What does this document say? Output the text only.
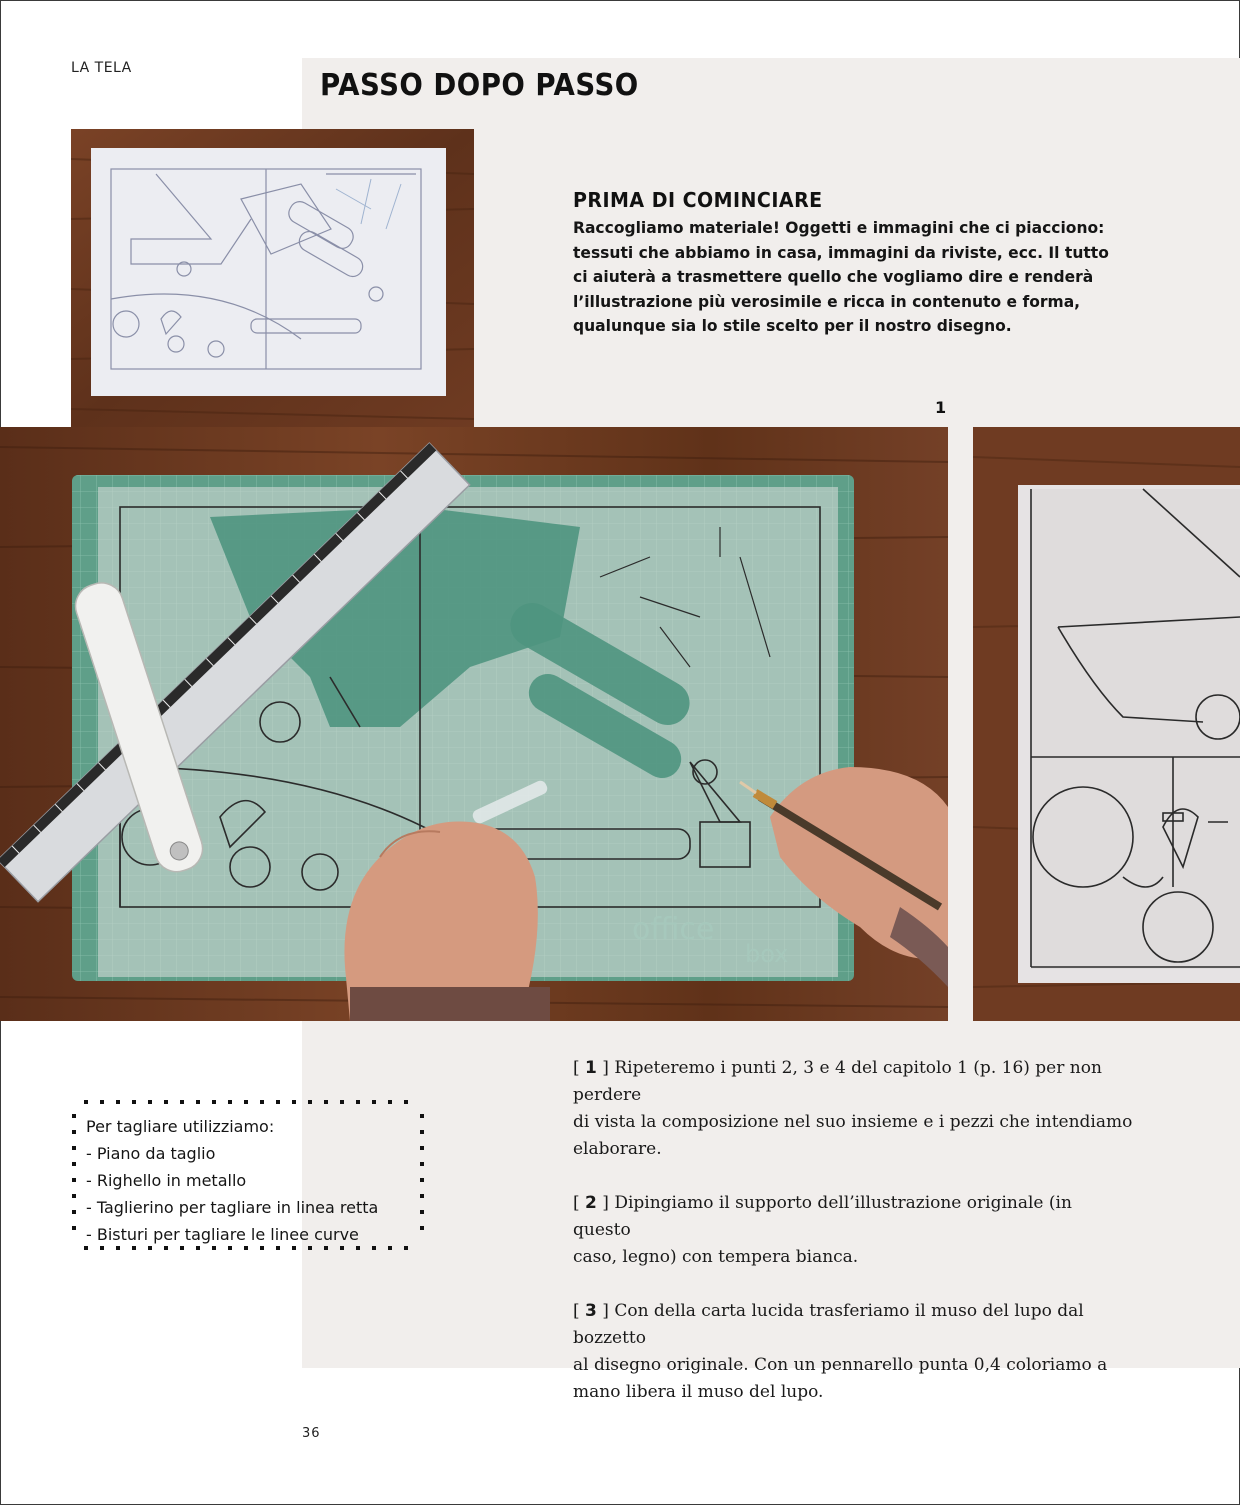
LA TELA	PASSO DOPO PASSO
PRIMA DI COMINCIARE
Raccogliamo materiale! Oggetti e immagini che ci piacciono:
tessuti che abbiamo in casa, immagini da riviste, ecc. Il tutto
ci aiuterà a trasmettere quello che vogliamo dire e renderà
l’illustrazione più verosimile e ricca in contenuto e forma,
qualunque sia lo stile scelto per il nostro disegno.
1
office
box
Per tagliare utilizziamo:
- Piano da taglio
- Righello in metallo
- Taglierino per tagliare in linea retta
- Bisturi per tagliare le linee curve
[ 1 ] Ripeteremo i punti 2, 3 e 4 del capitolo 1 (p. 16) per non perdere
di vista la composizione nel suo insieme e i pezzi che intendiamo
elaborare.
[ 2 ] Dipingiamo il supporto dell’illustrazione originale (in questo
caso, legno) con tempera bianca.
[ 3 ] Con della carta lucida trasferiamo il muso del lupo dal bozzetto
al disegno originale. Con un pennarello punta 0,4 coloriamo a
mano libera il muso del lupo.
36
